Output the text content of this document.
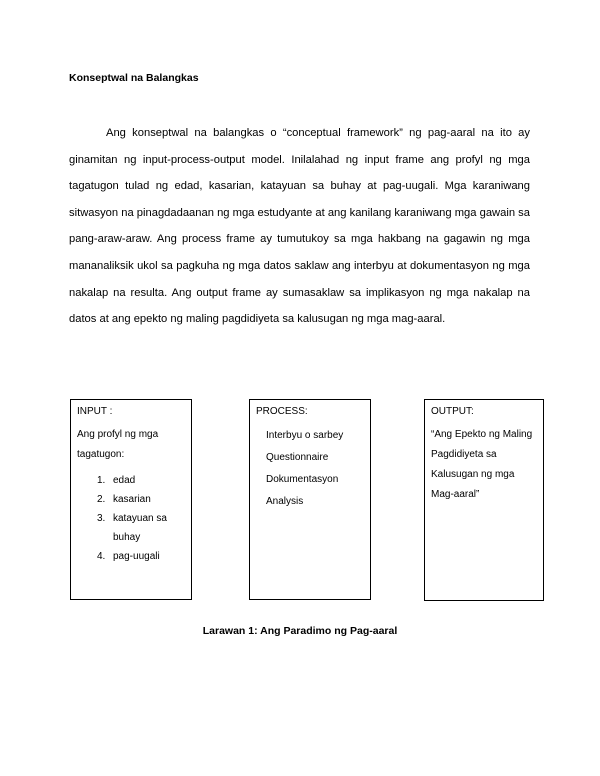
Konseptwal na Balangkas

Ang konseptwal na balangkas o “conceptual framework” ng pag-aaral na ito ay ginamitan ng input-process-output model. Inilalahad ng input frame ang profyl ng mga tagatugon tulad ng edad, kasarian, katayuan sa buhay at pag-uugali. Mga karaniwang sitwasyon na pinagdadaanan ng mga estudyante at ang kanilang karaniwang mga gawain sa pang-araw-araw. Ang process frame ay tumutukoy sa mga hakbang na gagawin ng mga mananaliksik ukol sa pagkuha ng mga datos saklaw ang interbyu at dokumentasyon ng mga nakalap na resulta. Ang output frame ay sumasaklaw sa implikasyon ng mga nakalap na datos at ang epekto ng maling pagdidiyeta sa kalusugan ng mga mag-aaral.

INPUT :
Ang profyl ng mga tagatugon:
1. edad
2. kasarian
3. katayuan sa buhay
4. pag-uugali
PROCESS:
Interbyu o sarbey
Questionnaire
Dokumentasyon
Analysis
OUTPUT:
“Ang Epekto ng Maling Pagdidiyeta sa Kalusugan ng mga Mag-aaral”
Larawan 1: Ang Paradimo ng Pag-aaral
